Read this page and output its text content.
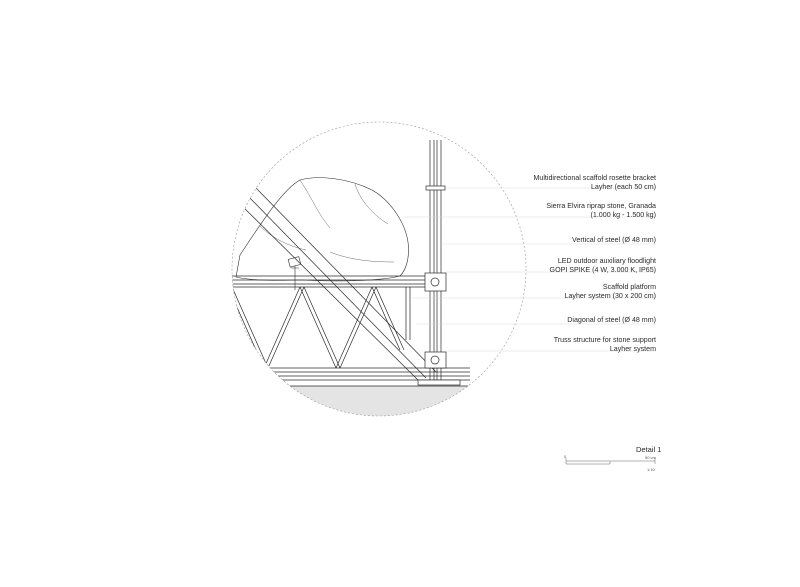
Multidirectional scaffold rosette bracket
Layher (each 50 cm)
Sierra Elvira riprap stone, Granada
(1.000 kg - 1.500 kg)
Vertical of steel (Ø 48 mm)
LED outdoor auxiliary floodlight
GOPI SPIKE (4 W, 3.000 K, IP65)
Scaffold platform
Layher system (30 x 200 cm)
Diagonal of steel (Ø 48 mm)
Truss structure for stone support
Layher system
Detail 1
0	50 cm
1:10
